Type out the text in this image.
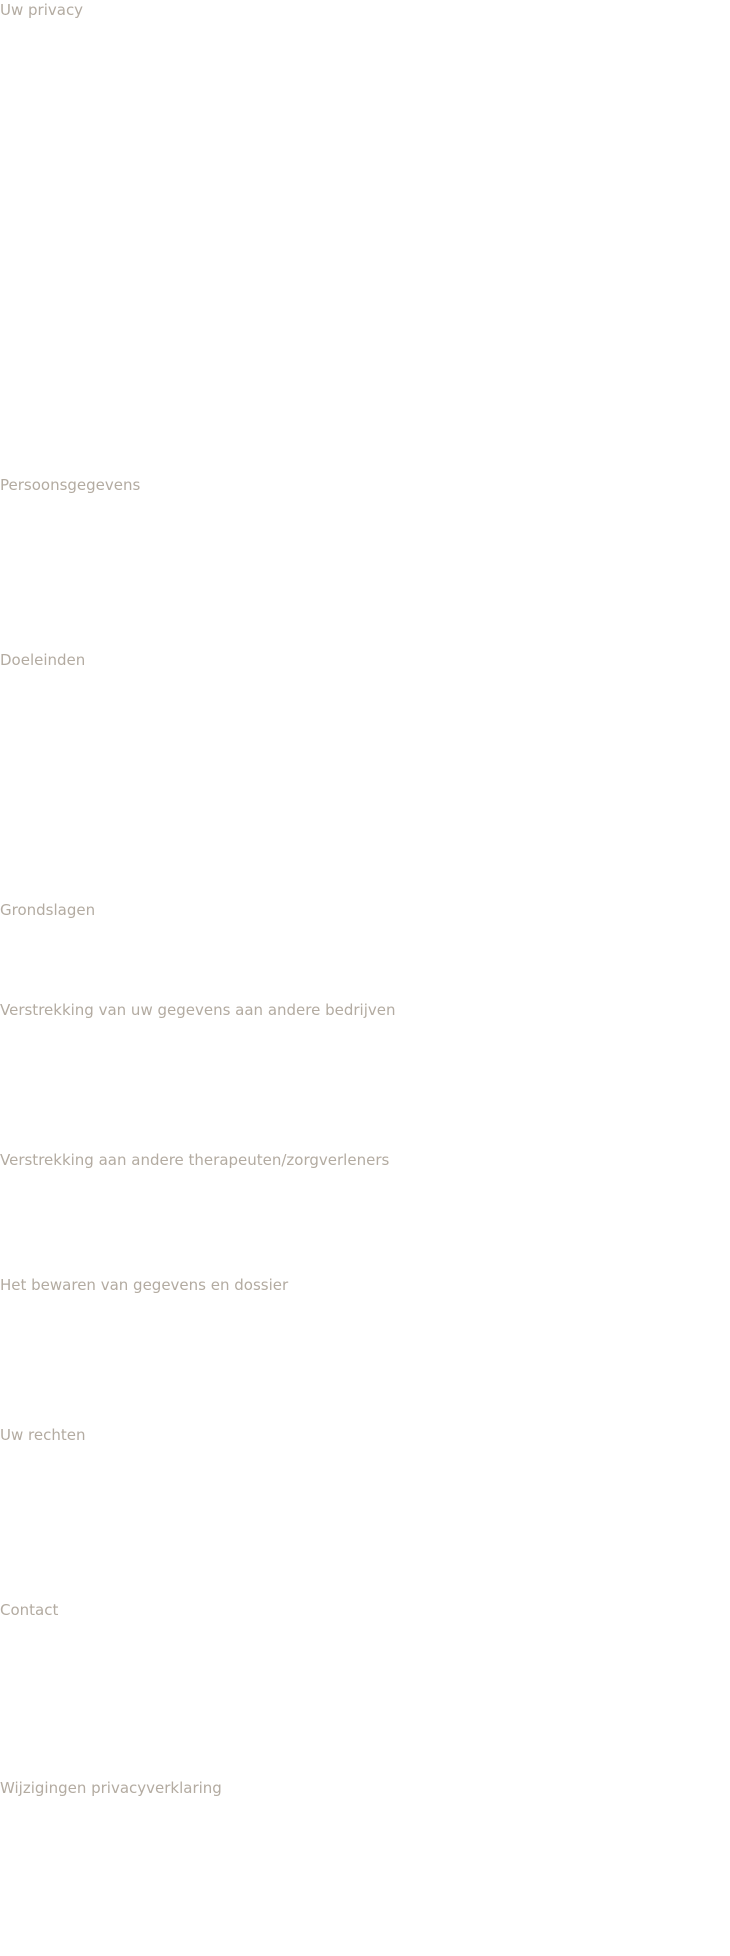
Uw privacy
Persoonsgegevens
Doeleinden
Grondslagen
Verstrekking van uw gegevens aan andere bedrijven
Verstrekking aan andere therapeuten/zorgverleners
Het bewaren van gegevens en dossier
Uw rechten
Contact
Wijzigingen privacyverklaring
